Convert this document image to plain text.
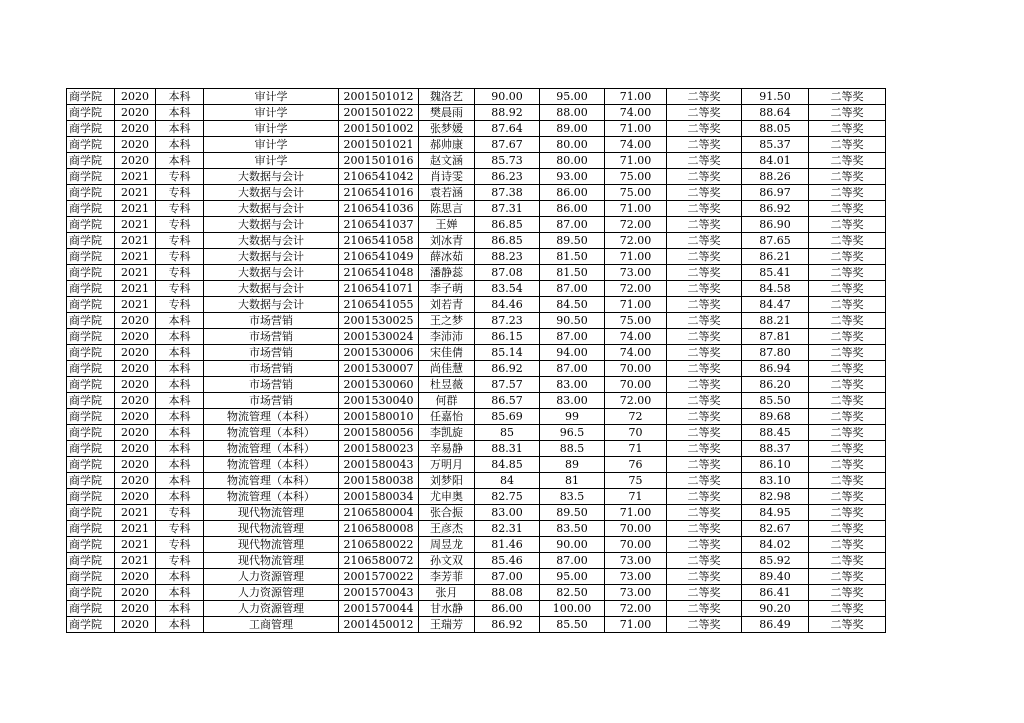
商学院	2020	本科	审计学	2001501012	魏洛艺	90.00	95.00	71.00	二等奖	91.50	二等奖
商学院	2020	本科	审计学	2001501022	樊晨雨	88.92	88.00	74.00	二等奖	88.64	二等奖
商学院	2020	本科	审计学	2001501002	张梦媛	87.64	89.00	71.00	二等奖	88.05	二等奖
商学院	2020	本科	审计学	2001501021	郝帅康	87.67	80.00	74.00	二等奖	85.37	二等奖
商学院	2020	本科	审计学	2001501016	赵文涵	85.73	80.00	71.00	二等奖	84.01	二等奖
商学院	2021	专科	大数据与会计	2106541042	肖诗雯	86.23	93.00	75.00	二等奖	88.26	二等奖
商学院	2021	专科	大数据与会计	2106541016	袁若涵	87.38	86.00	75.00	二等奖	86.97	二等奖
商学院	2021	专科	大数据与会计	2106541036	陈思言	87.31	86.00	71.00	二等奖	86.92	二等奖
商学院	2021	专科	大数据与会计	2106541037	王婵	86.85	87.00	72.00	二等奖	86.90	二等奖
商学院	2021	专科	大数据与会计	2106541058	刘冰青	86.85	89.50	72.00	二等奖	87.65	二等奖
商学院	2021	专科	大数据与会计	2106541049	薛冰茹	88.23	81.50	71.00	二等奖	86.21	二等奖
商学院	2021	专科	大数据与会计	2106541048	潘静蕊	87.08	81.50	73.00	二等奖	85.41	二等奖
商学院	2021	专科	大数据与会计	2106541071	李子萌	83.54	87.00	72.00	二等奖	84.58	二等奖
商学院	2021	专科	大数据与会计	2106541055	刘若青	84.46	84.50	71.00	二等奖	84.47	二等奖
商学院	2020	本科	市场营销	2001530025	王之梦	87.23	90.50	75.00	二等奖	88.21	二等奖
商学院	2020	本科	市场营销	2001530024	李沛沛	86.15	87.00	74.00	二等奖	87.81	二等奖
商学院	2020	本科	市场营销	2001530006	宋佳倩	85.14	94.00	74.00	二等奖	87.80	二等奖
商学院	2020	本科	市场营销	2001530007	尚佳慧	86.92	87.00	70.00	二等奖	86.94	二等奖
商学院	2020	本科	市场营销	2001530060	杜昱薇	87.57	83.00	70.00	二等奖	86.20	二等奖
商学院	2020	本科	市场营销	2001530040	何群	86.57	83.00	72.00	二等奖	85.50	二等奖
商学院	2020	本科	物流管理（本科）	2001580010	任嘉怡	85.69	99	72	二等奖	89.68	二等奖
商学院	2020	本科	物流管理（本科）	2001580056	李凯旋	85	96.5	70	二等奖	88.45	二等奖
商学院	2020	本科	物流管理（本科）	2001580023	辛易静	88.31	88.5	71	二等奖	88.37	二等奖
商学院	2020	本科	物流管理（本科）	2001580043	万明月	84.85	89	76	二等奖	86.10	二等奖
商学院	2020	本科	物流管理（本科）	2001580038	刘梦阳	84	81	75	二等奖	83.10	二等奖
商学院	2020	本科	物流管理（本科）	2001580034	尤申奥	82.75	83.5	71	二等奖	82.98	二等奖
商学院	2021	专科	现代物流管理	2106580004	张合振	83.00	89.50	71.00	二等奖	84.95	二等奖
商学院	2021	专科	现代物流管理	2106580008	王彦杰	82.31	83.50	70.00	二等奖	82.67	二等奖
商学院	2021	专科	现代物流管理	2106580022	周昱龙	81.46	90.00	70.00	二等奖	84.02	二等奖
商学院	2021	专科	现代物流管理	2106580072	孙文双	85.46	87.00	73.00	二等奖	85.92	二等奖
商学院	2020	本科	人力资源管理	2001570022	李芳菲	87.00	95.00	73.00	二等奖	89.40	二等奖
商学院	2020	本科	人力资源管理	2001570043	张月	88.08	82.50	73.00	二等奖	86.41	二等奖
商学院	2020	本科	人力资源管理	2001570044	甘水静	86.00	100.00	72.00	二等奖	90.20	二等奖
商学院	2020	本科	工商管理	2001450012	王瑞芳	86.92	85.50	71.00	二等奖	86.49	二等奖
